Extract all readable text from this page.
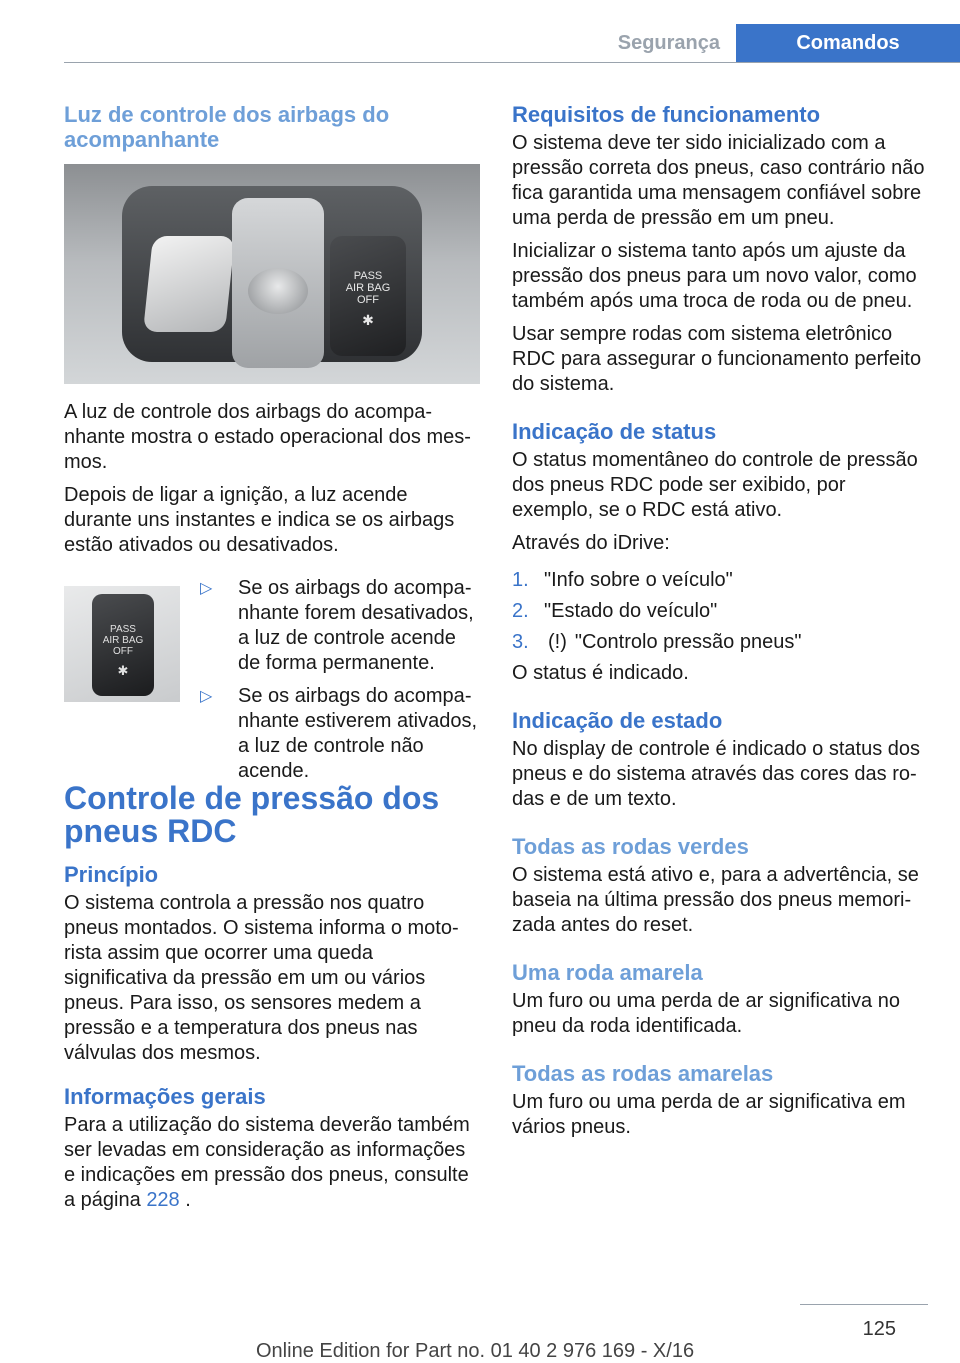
Segurança	Comandos
Luz de controle dos airbags do acompanhante
PASS
AIR BAG
OFF
✱

A luz de controle dos airbags do acompanhante mostra o estado operacional dos mesmos.

Depois de ligar a ignição, a luz acende durante uns instantes e indica se os airbags estão ativados ou desativados.

PASS
AIR BAG
OFF
✱
▷ Se os airbags do acompanhante forem desativados, a luz de controle acende de forma permanente.
▷ Se os airbags do acompanhante estiverem ativados, a luz de controle não acende.
Controle de pressão dos pneus RDC
Princípio

O sistema controla a pressão nos quatro pneus montados. O sistema informa o motorista assim que ocorrer uma queda significativa da pressão em um ou vários pneus. Para isso, os sensores medem a pressão e a temperatura dos pneus nas válvulas dos mesmos.

Informações gerais

Para a utilização do sistema deverão também ser levadas em consideração as informações e indicações em pressão dos pneus, consulte a página 228 .

Requisitos de funcionamento

O sistema deve ter sido inicializado com a pressão correta dos pneus, caso contrário não fica garantida uma mensagem confiável sobre uma perda de pressão em um pneu.

Inicializar o sistema tanto após um ajuste da pressão dos pneus para um novo valor, como também após uma troca de roda ou de pneu.

Usar sempre rodas com sistema eletrônico RDC para assegurar o funcionamento perfeito do sistema.

Indicação de status

O status momentâneo do controle de pressão dos pneus RDC pode ser exibido, por exemplo, se o RDC está ativo.

Através do iDrive:

1. "Info sobre o veículo"
2. "Estado do veículo"
3. (!) "Controlo pressão pneus"

O status é indicado.

Indicação de estado

No display de controle é indicado o status dos pneus e do sistema através das cores das rodas e de um texto.

Todas as rodas verdes

O sistema está ativo e, para a advertência, se baseia na última pressão dos pneus memorizada antes do reset.

Uma roda amarela

Um furo ou uma perda de ar significativa no pneu da roda identificada.

Todas as rodas amarelas

Um furo ou uma perda de ar significativa em vários pneus.

125
Online Edition for Part no. 01 40 2 976 169 - X/16
